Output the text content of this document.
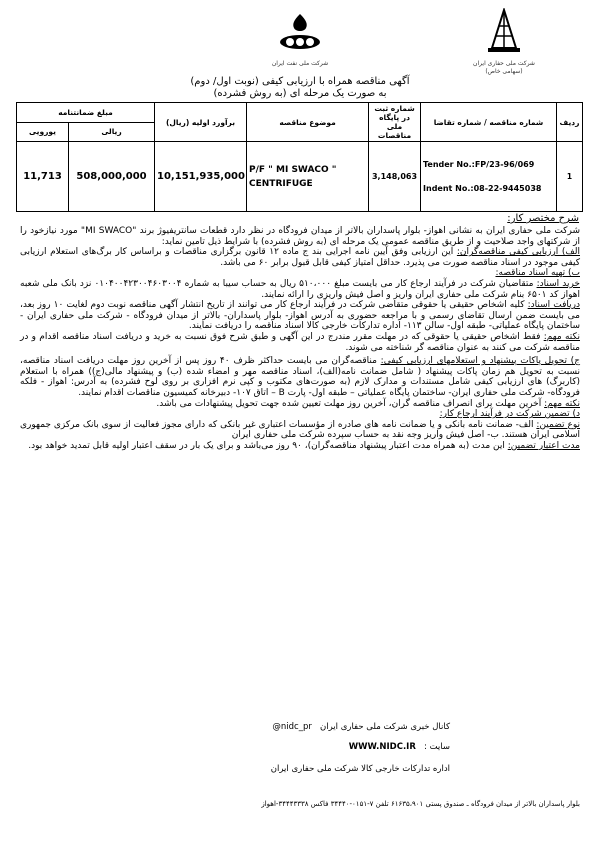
شرکت ملی نفت ایران	شرکت ملی حفاری ایران
(سهامی خاص)
آگهی مناقصه همراه با ارزیابی کیفی (نوبت اول/ دوم)
به صورت یک مرحله ای (به روش فشرده)
مبلغ ضمانتنامه		برآورد اولیه (ریال)	موضوع مناقصه	شماره ثبت در پایگاه ملی مناقصات	شماره مناقصه / شماره تقاضا	ردیف
یورویی	ریالی					
11,713	508,000,000	10,151,935,000	P/F " MI SWACO " CENTRIFUGE	3,148,063	Tender No.:FP/23-96/069
Indent No.:08-22-9445038	1
شرح مختصر کار:

شرکت ملی حفاری ایران به نشانی اهواز- بلوار پاسداران بالاتر از میدان فرودگاه در نظر دارد قطعات سانتریفیوژ برند "MI SWACO" مورد نیازخود را از شرکتهای واجد صلاحیت و از طریق مناقصه عمومی یک مرحله ای (به روش فشرده) با شرایط ذیل تامین نماید:

الف) ارزیابی کیفی مناقصه‌گران: این ارزیابی وفق آیین نامه اجرایی بند ج ماده ۱۲ قانون برگزاری مناقصات و براساس کار برگ‌های استعلام ارزیابی کیفی موجود در اسناد مناقصه صورت می پذیرد. حداقل امتیاز کیفی قابل قبول برابر ۶۰ می باشد.

ب) تهیه اسناد مناقصه:

خرید اسناد: متقاضیان شرکت در فرآیند ارجاع کار می بایست مبلغ ۵۱۰،۰۰۰ ریال به حساب سیبا به شماره ۰۱۰۴۰۰۴۲۳۰۰۴۶۰۳۰۰۴ نزد بانک ملی شعبه اهواز کد ۶۵۰۱ بنام شرکت ملی حفاری ایران واریز و اصل فیش واریزی را ارائه نمایند.

دریافت اسناد: کلیه اشخاص حقیقی یا حقوقی متقاضی شرکت در فرآیند ارجاع کار می توانند از تاریخ انتشار آگهی مناقصه نوبت دوم لغایت ۱۰ روز بعد، می بایست ضمن ارسال تقاضای رسمی و با مراجعه حضوری به آدرس اهواز- بلوار پاسداران- بالاتر از میدان فرودگاه - شرکت ملی حفاری ایران - ساختمان پایگاه عملیاتی- طبقه اول- سالن ۱۱۳- اداره تدارکات خارجی کالا اسناد مناقصه را دریافت نمایند.

نکته مهم: فقط اشخاص حقیقی یا حقوقی که در مهلت مقرر مندرج در این آگهی و طبق شرح فوق نسبت به خرید و دریافت اسناد مناقصه اقدام و در مناقصه شرکت می کنند به عنوان مناقصه گر شناخته می شوند.

ج) تحویل پاکات پیشنهاد و استعلامهای ارزیابی کیفی: مناقصه‌گران می بایست حداکثر ظرف ۴۰ روز پس از آخرین روز مهلت دریافت اسناد مناقصه، نسبت به تحویل هم زمان پاکات پیشنهاد ( شامل ضمانت نامه(الف)، اسناد مناقصه مهر و امضاء شده (ب) و پیشنهاد مالی(ج)) همراه با استعلام (کاربرگ) های ارزیابی کیفی شامل مستندات و مدارک لازم (به صورت‌های مکتوب و کپی نرم افزاری بر روی لوح فشرده) به آدرس: اهواز - فلکه فرودگاه- شرکت ملی حفاری ایران- ساختمان پایگاه عملیاتی – طبقه اول- پارت B – اتاق ۱۰۷- دبیرخانه کمیسیون مناقصات اقدام نمایند.

نکته مهم: آخرین مهلت برای انصراف مناقصه گران، آخرین روز مهلت تعیین شده جهت تحویل پیشنهادات می باشد.

د) تضمین شرکت در فرآیند ارجاع کار:

نوع تضمین: الف- ضمانت نامه بانکی و یا ضمانت نامه های صادره از مؤسسات اعتباری غیر بانکی که دارای مجوز فعالیت از سوی بانک مرکزی جمهوری اسلامی ایران هستند. ب- اصل فیش واریز وجه نقد به حساب سپرده شرکت ملی حفاری ایران

مدت اعتبار تضمین: این مدت (به همراه مدت اعتبار پیشنهاد مناقصه‌گران)، ۹۰ روز می‌باشد و برای یک بار در سقف اعتبار اولیه قابل تمدید خواهد بود.

کانال خبری شرکت ملی حفاری ایران   @nidc_pr
سایت :   WWW.NIDC.IR
اداره تدارکات خارجی کالا شرکت ملی حفاری ایران
بلوار پاسداران بالاتر از میدان فرودگاه ـ صندوق پستی ۶۱۶۳۵،۹۰۱ تلفن ۷-۰۱۵۱-۳۴۴۴۰ فاکس ۳۴۴۴۳۳۳۸-اهواز
